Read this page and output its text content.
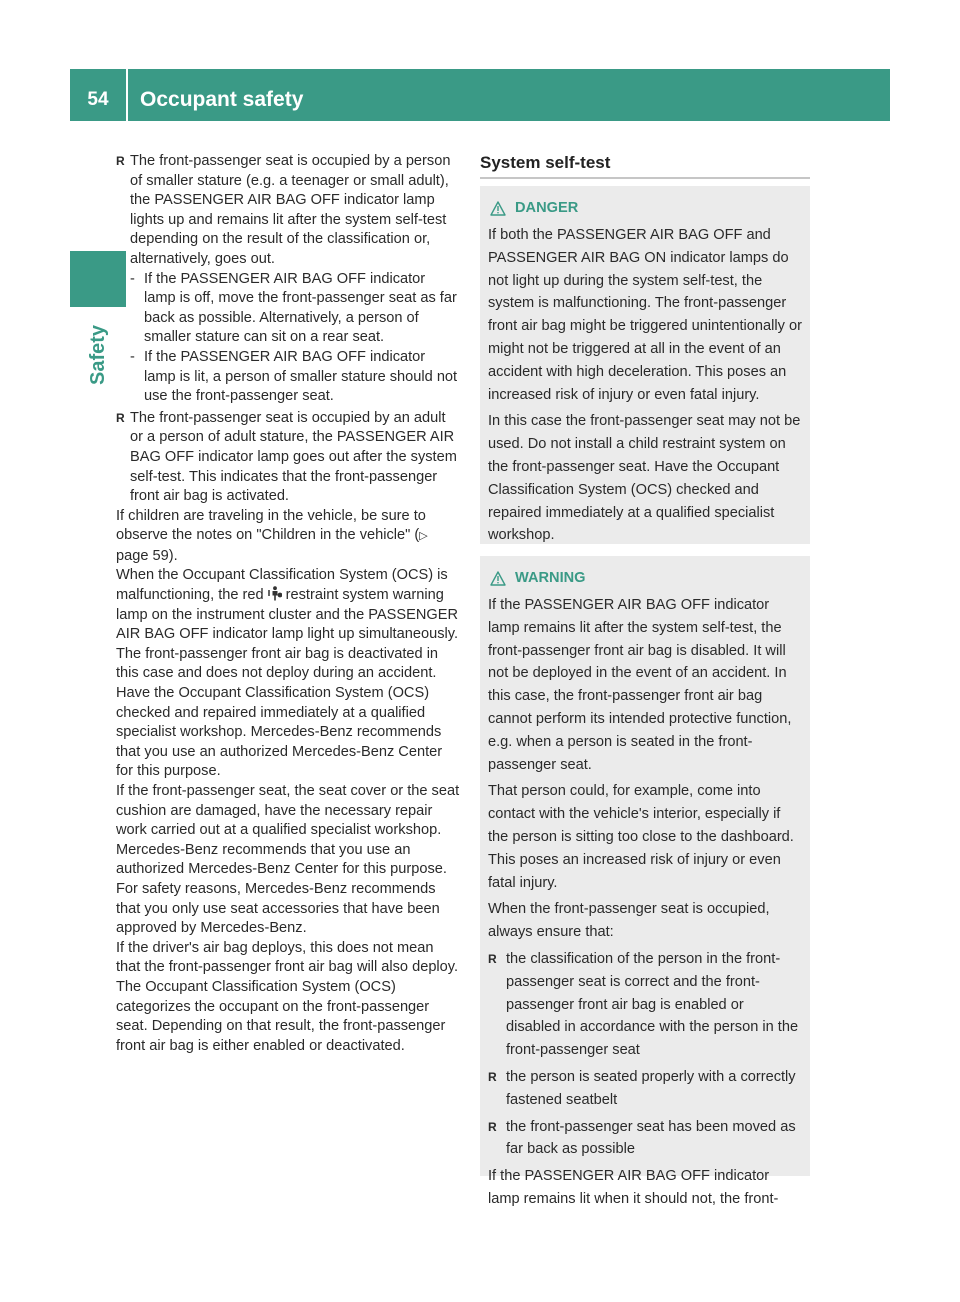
54	Occupant safety
Safety

R The front-passenger seat is occupied by a person of smaller stature (e.g. a teenager or small adult), the PASSENGER AIR BAG OFF indicator lamp lights up and remains lit after the system self-test depending on the result of the classification or, alternatively, goes out.

- If the PASSENGER AIR BAG OFF indicator lamp is off, move the front-passenger seat as far back as possible. Alternatively, a person of smaller stature can sit on a rear seat.

- If the PASSENGER AIR BAG OFF indicator lamp is lit, a person of smaller stature should not use the front-passenger seat.

R The front-passenger seat is occupied by an adult or a person of adult stature, the PASSENGER AIR BAG OFF indicator lamp goes out after the system self-test. This indicates that the front-passenger front air bag is activated.

If children are traveling in the vehicle, be sure to observe the notes on "Children in the vehicle" (▷ page 59).

When the Occupant Classification System (OCS) is malfunctioning, the red restraint system warning lamp on the instrument cluster and the PASSENGER AIR BAG OFF indicator lamp light up simultaneously. The front-passenger front air bag is deactivated in this case and does not deploy during an accident. Have the Occupant Classification System (OCS) checked and repaired immediately at a qualified specialist workshop. Mercedes-Benz recommends that you use an authorized Mercedes-Benz Center for this purpose.

If the front-passenger seat, the seat cover or the seat cushion are damaged, have the necessary repair work carried out at a qualified specialist workshop. Mercedes-Benz recommends that you use an authorized Mercedes-Benz Center for this purpose.

For safety reasons, Mercedes-Benz recommends that you only use seat accessories that have been approved by Mercedes-Benz.

If the driver's air bag deploys, this does not mean that the front-passenger front air bag will also deploy. The Occupant Classification System (OCS) categorizes the occupant on the front-passenger seat. Depending on that result, the front-passenger front air bag is either enabled or deactivated.

System self-test
DANGER

If both the PASSENGER AIR BAG OFF and PASSENGER AIR BAG ON indicator lamps do not light up during the system self-test, the system is malfunctioning. The front-passenger front air bag might be triggered unintentionally or might not be triggered at all in the event of an accident with high deceleration. This poses an increased risk of injury or even fatal injury.

In this case the front-passenger seat may not be used. Do not install a child restraint system on the front-passenger seat. Have the Occupant Classification System (OCS) checked and repaired immediately at a qualified specialist workshop.

WARNING

If the PASSENGER AIR BAG OFF indicator lamp remains lit after the system self-test, the front-passenger front air bag is disabled. It will not be deployed in the event of an accident. In this case, the front-passenger front air bag cannot perform its intended protective function, e.g. when a person is seated in the front-passenger seat.

That person could, for example, come into contact with the vehicle's interior, especially if the person is sitting too close to the dashboard. This poses an increased risk of injury or even fatal injury.

When the front-passenger seat is occupied, always ensure that:

R the classification of the person in the front-passenger seat is correct and the front-passenger front air bag is enabled or disabled in accordance with the person in the front-passenger seat

R the person is seated properly with a correctly fastened seatbelt

R the front-passenger seat has been moved as far back as possible

If the PASSENGER AIR BAG OFF indicator lamp remains lit when it should not, the front-
